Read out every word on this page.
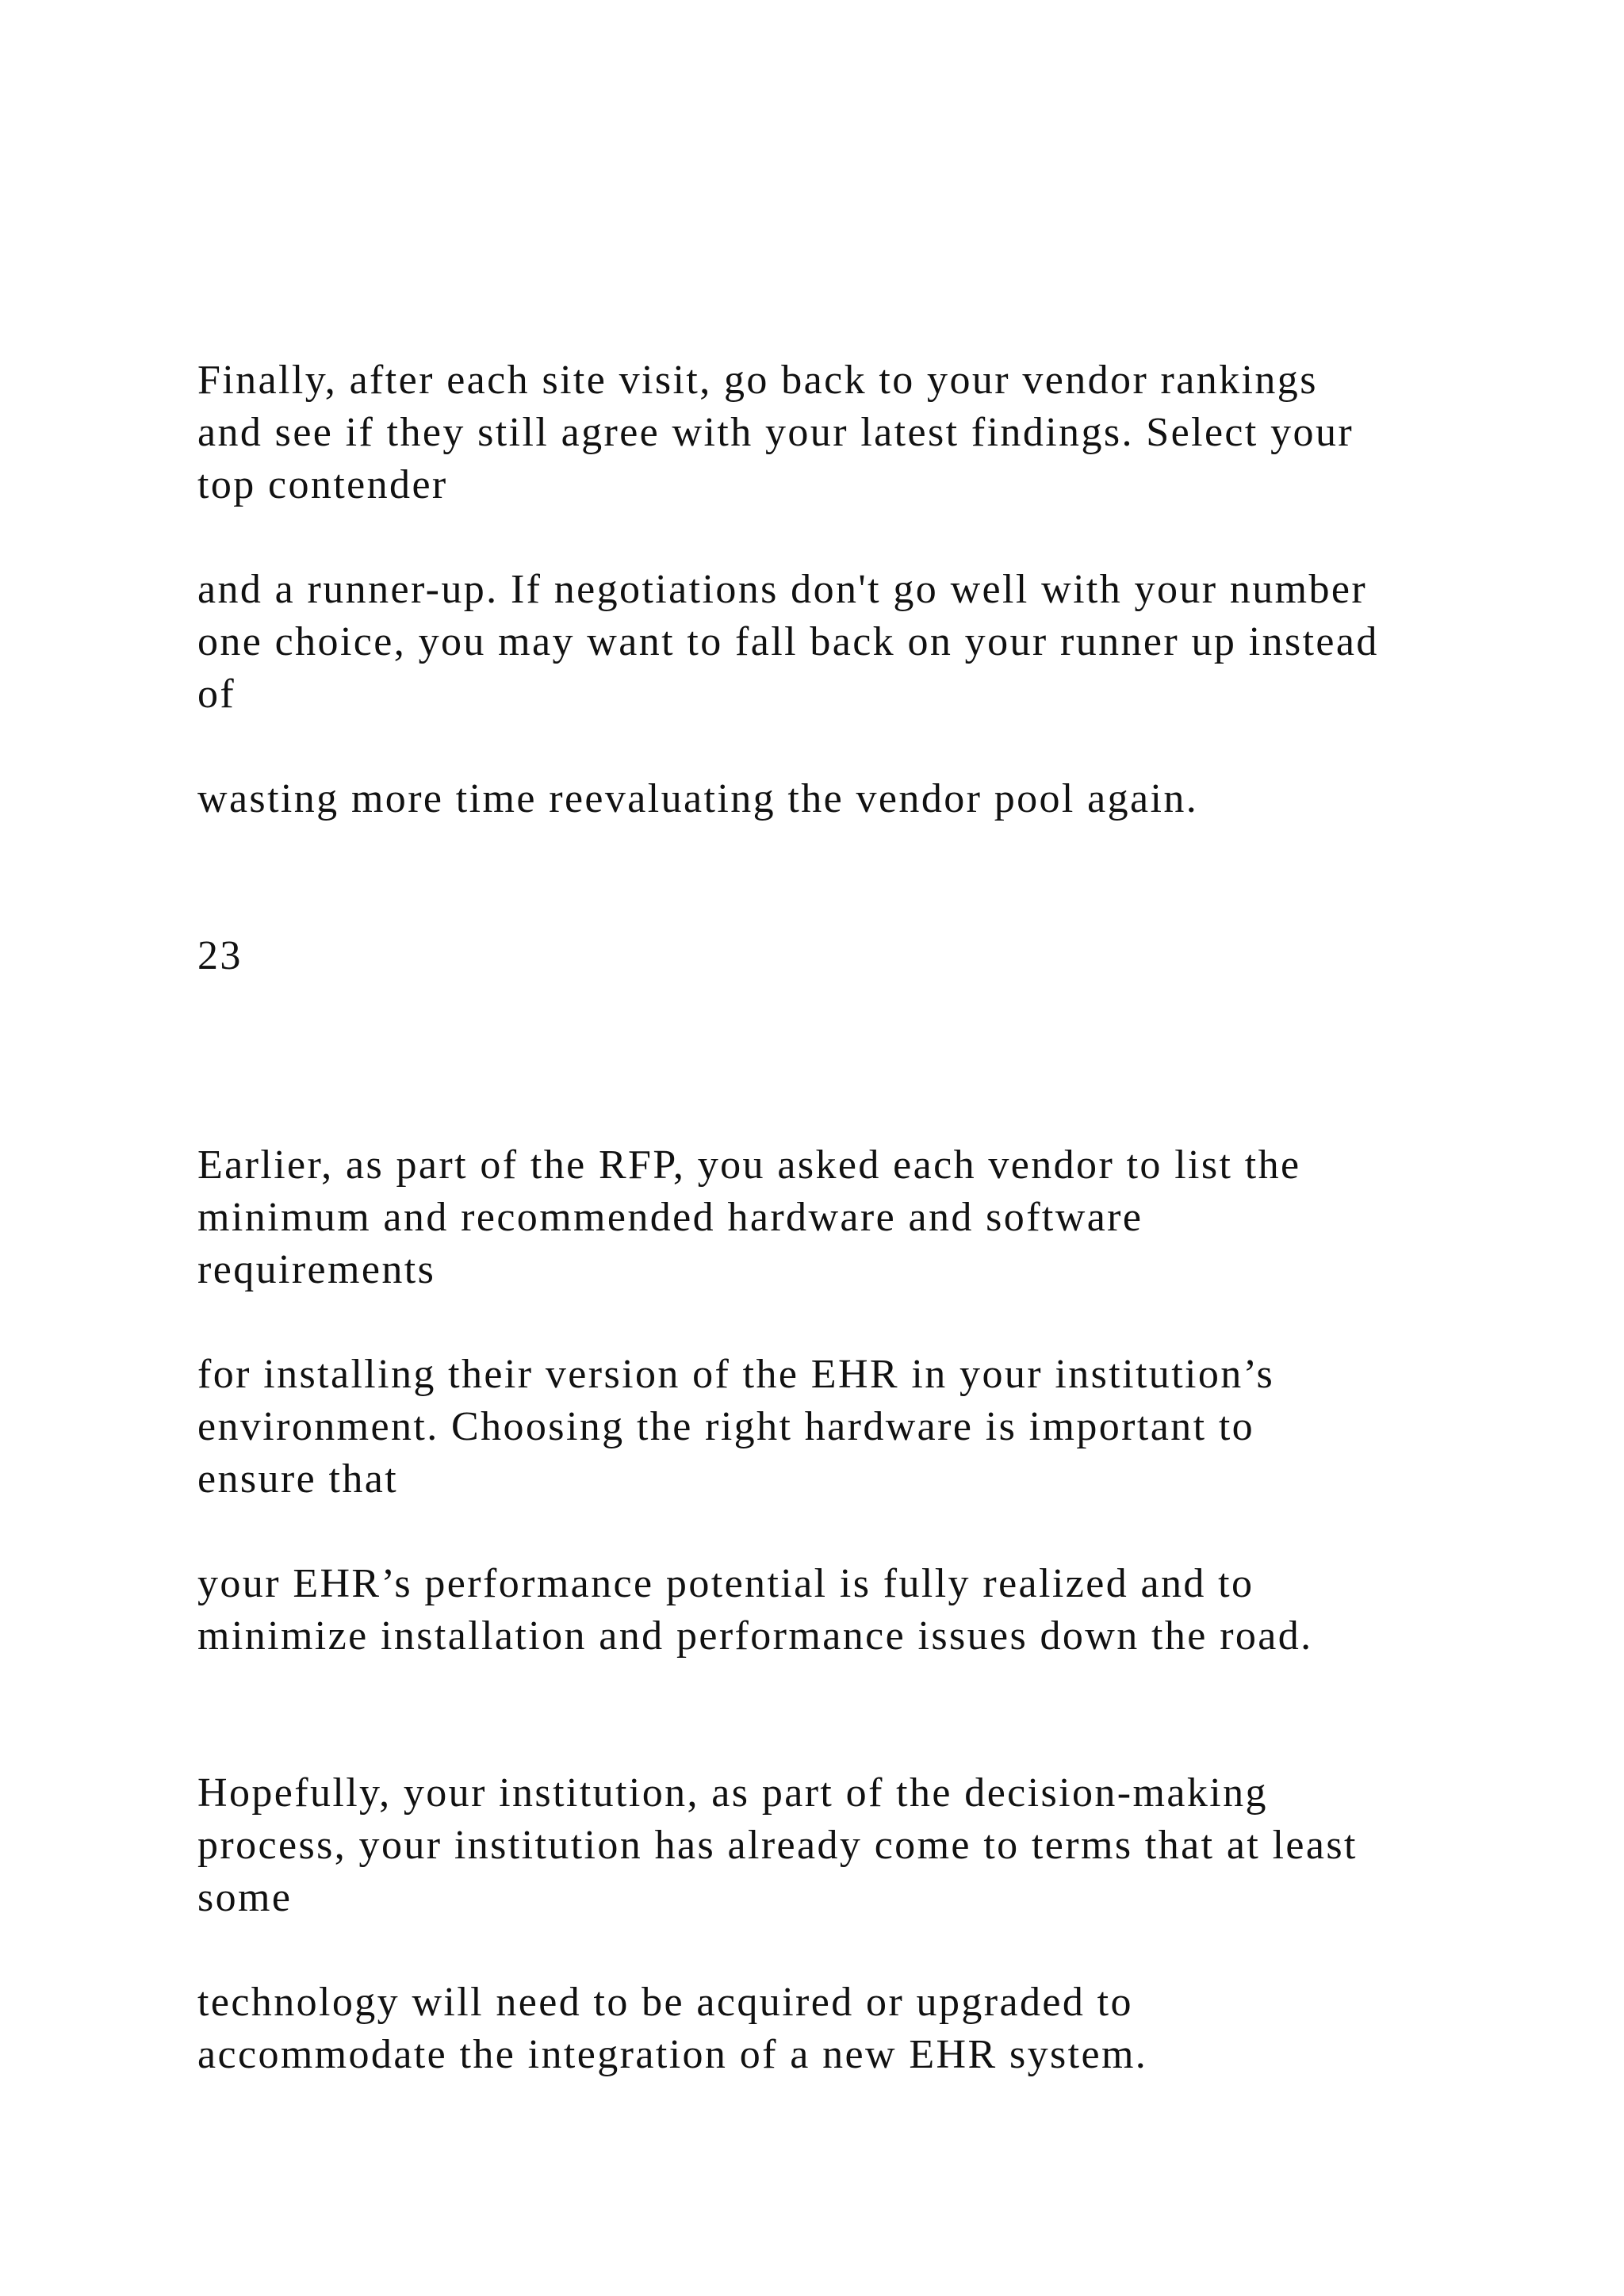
Finally, after each site visit, go back to your vendor rankings

and see if they still agree with your latest findings. Select your

top contender

and a runner-up. If negotiations don't go well with your number

one choice, you may want to fall back on your runner up instead

of

wasting more time reevaluating the vendor pool again.

23

Earlier, as part of the RFP, you asked each vendor to list the

minimum and recommended hardware and software

requirements

for installing their version of the EHR in your institution’s

environment. Choosing the right hardware is important to

ensure that

your EHR’s performance potential is fully realized and to

minimize installation and performance issues down the road.

Hopefully, your institution, as part of the decision-making

process, your institution has already come to terms that at least

some

technology will need to be acquired or upgraded to

accommodate the integration of a new EHR system.
